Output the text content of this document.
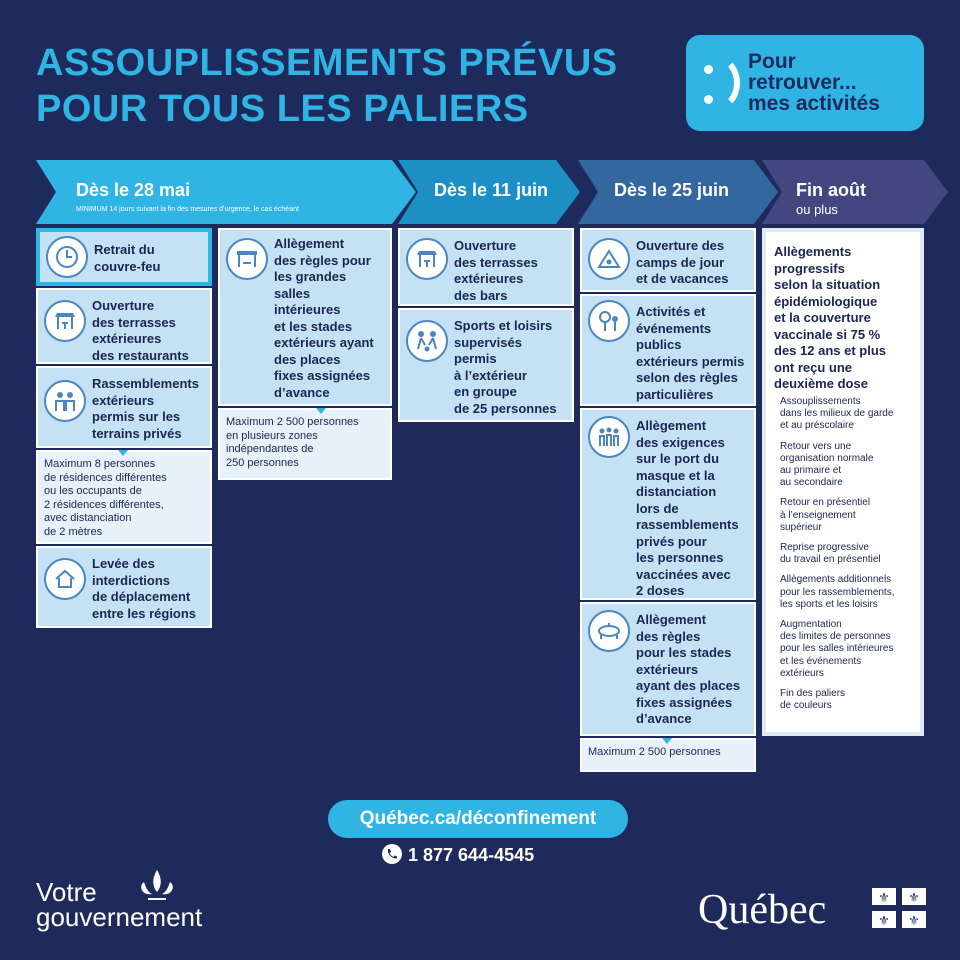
ASSOUPLISSEMENTS PRÉVUS
POUR TOUS LES PALIERS
Pour
retrouver...
mes activités
Dès le 28 mai
MINIMUM 14 jours suivant la fin des mesures d’urgence, le cas échéant
Dès le 11 juin	Dès le 25 juin	Fin août
ou plus
Retrait du
couvre-feu
Ouverture
des terrasses
extérieures
des restaurants
Rassemblements
extérieurs
permis sur les
terrains privés
Maximum 8 personnes
de résidences différentes
ou les occupants de
2 résidences différentes,
avec distanciation
de 2 mètres
Levée des
interdictions
de déplacement
entre les régions
Allègement
des règles pour
les grandes
salles
intérieures
et les stades
extérieurs ayant
des places
fixes assignées
d’avance
Maximum 2 500 personnes
en plusieurs zones
indépendantes de
250 personnes
Ouverture
des terrasses
extérieures
des bars
Sports et loisirs
supervisés
permis
à l’extérieur
en groupe
de 25 personnes
Ouverture des
camps de jour
et de vacances
Activités et
événements
publics
extérieurs permis
selon des règles
particulières
Allègement
des exigences
sur le port du
masque et la
distanciation
lors de
rassemblements
privés pour
les personnes
vaccinées avec
2 doses
Allègement
des règles
pour les stades
extérieurs
ayant des places
fixes assignées
d’avance
Maximum 2 500 personnes
Allègements
progressifs
selon la situation
épidémiologique
et la couverture
vaccinale si 75 %
des 12 ans et plus
ont reçu une
deuxième dose
Assouplissements
dans les milieux de garde
et au préscolaire
Retour vers une
organisation normale
au primaire et
au secondaire
Retour en présentiel
à l’enseignement
supérieur
Reprise progressive
du travail en présentiel
Allègements additionnels
pour les rassemblements,
les sports et les loisirs
Augmentation
des limites de personnes
pour les salles intérieures
et les événements
extérieurs
Fin des paliers
de couleurs
Québec.ca/déconfinement
1 877 644-4545
Votre
gouvernement	Québec	⚜ ⚜
⚜ ⚜
